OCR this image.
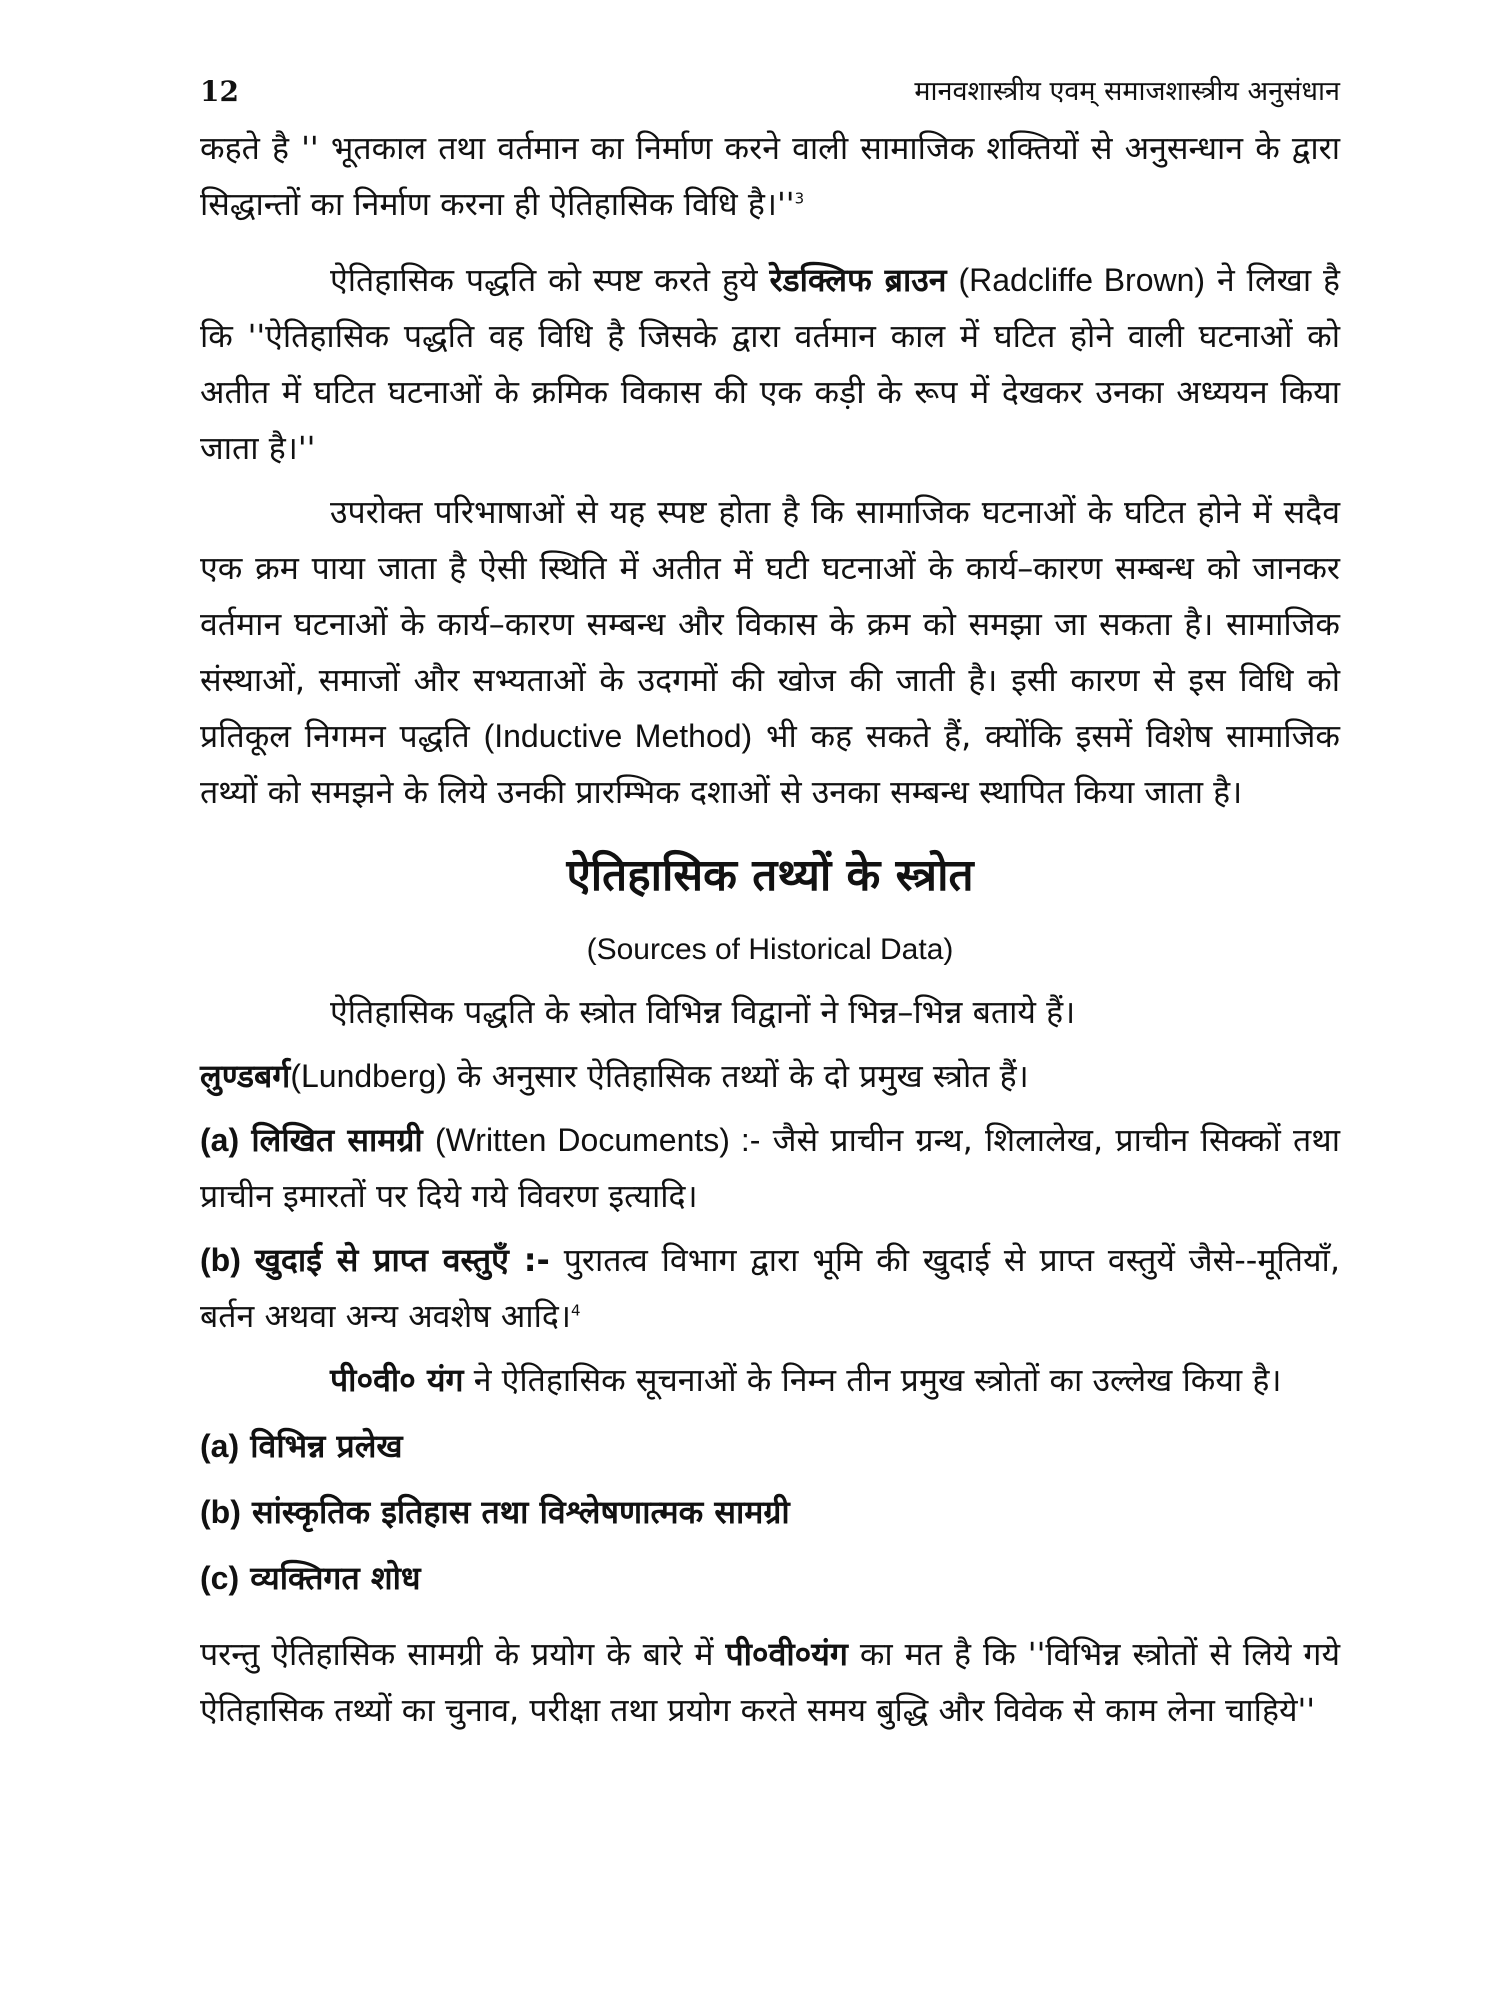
12	मानवशास्त्रीय एवम् समाजशास्त्रीय अनुसंधान

कहते है '' भूतकाल तथा वर्तमान का निर्माण करने वाली सामाजिक शक्तियों से अनुसन्धान के द्वारा सिद्धान्तों का निर्माण करना ही ऐतिहासिक विधि $है।''^3$

ऐतिहासिक पद्धति को स्पष्ट करते हुये रेडक्लिफ ब्राउन (Radcliffe Brown) ने लिखा है कि ''ऐतिहासिक पद्धति वह विधि है जिसके द्वारा वर्तमान काल में घटित होने वाली घटनाओं को अतीत में घटित घटनाओं के क्रमिक विकास की एक कड़ी के रूप में देखकर उनका अध्ययन किया जाता है।''

उपरोक्त परिभाषाओं से यह स्पष्ट होता है कि सामाजिक घटनाओं के घटित होने में सदैव एक क्रम पाया जाता है ऐसी स्थिति में अतीत में घटी घटनाओं के कार्य–कारण सम्बन्ध को जानकर वर्तमान घटनाओं के कार्य–कारण सम्बन्ध और विकास के क्रम को समझा जा सकता है। सामाजिक संस्थाओं, समाजों और सभ्यताओं के उदगमों की खोज की जाती है। इसी कारण से इस विधि को प्रतिकूल निगमन पद्धति (Inductive Method) भी कह सकते हैं, क्योंकि इसमें विशेष सामाजिक तथ्यों को समझने के लिये उनकी प्रारम्भिक दशाओं से उनका सम्बन्ध स्थापित किया जाता है।

ऐतिहासिक तथ्यों के स्त्रोत
(Sources of Historical Data)

ऐतिहासिक पद्धति के स्त्रोत विभिन्न विद्वानों ने भिन्न–भिन्न बताये हैं।

लुण्डबर्ग(Lundberg) के अनुसार ऐतिहासिक तथ्यों के दो प्रमुख स्त्रोत हैं।

(a) लिखित सामग्री (Written Documents) :- जैसे प्राचीन ग्रन्थ, शिलालेख, प्राचीन सिक्कों तथा प्राचीन इमारतों पर दिये गये विवरण इत्यादि।

(b) खुदाई से प्राप्त वस्तुएँ :- पुरातत्व विभाग द्वारा भूमि की खुदाई से प्राप्त वस्तुयें जैसे--मूतियाँ, बर्तन अथवा अन्य अवशेष आदि।$^4$

पी०वी० यंग ने ऐतिहासिक सूचनाओं के निम्न तीन प्रमुख स्त्रोतों का उल्लेख किया है।

(a) विभिन्न प्रलेख
(b) सांस्कृतिक इतिहास तथा विश्लेषणात्मक सामग्री
(c) व्यक्तिगत शोध

परन्तु ऐतिहासिक सामग्री के प्रयोग के बारे में पी०वी०यंग का मत है कि ''विभिन्न स्त्रोतों से लिये गये ऐतिहासिक तथ्यों का चुनाव, परीक्षा तथा प्रयोग करते समय बुद्धि और विवेक से काम लेना चाहिये''
